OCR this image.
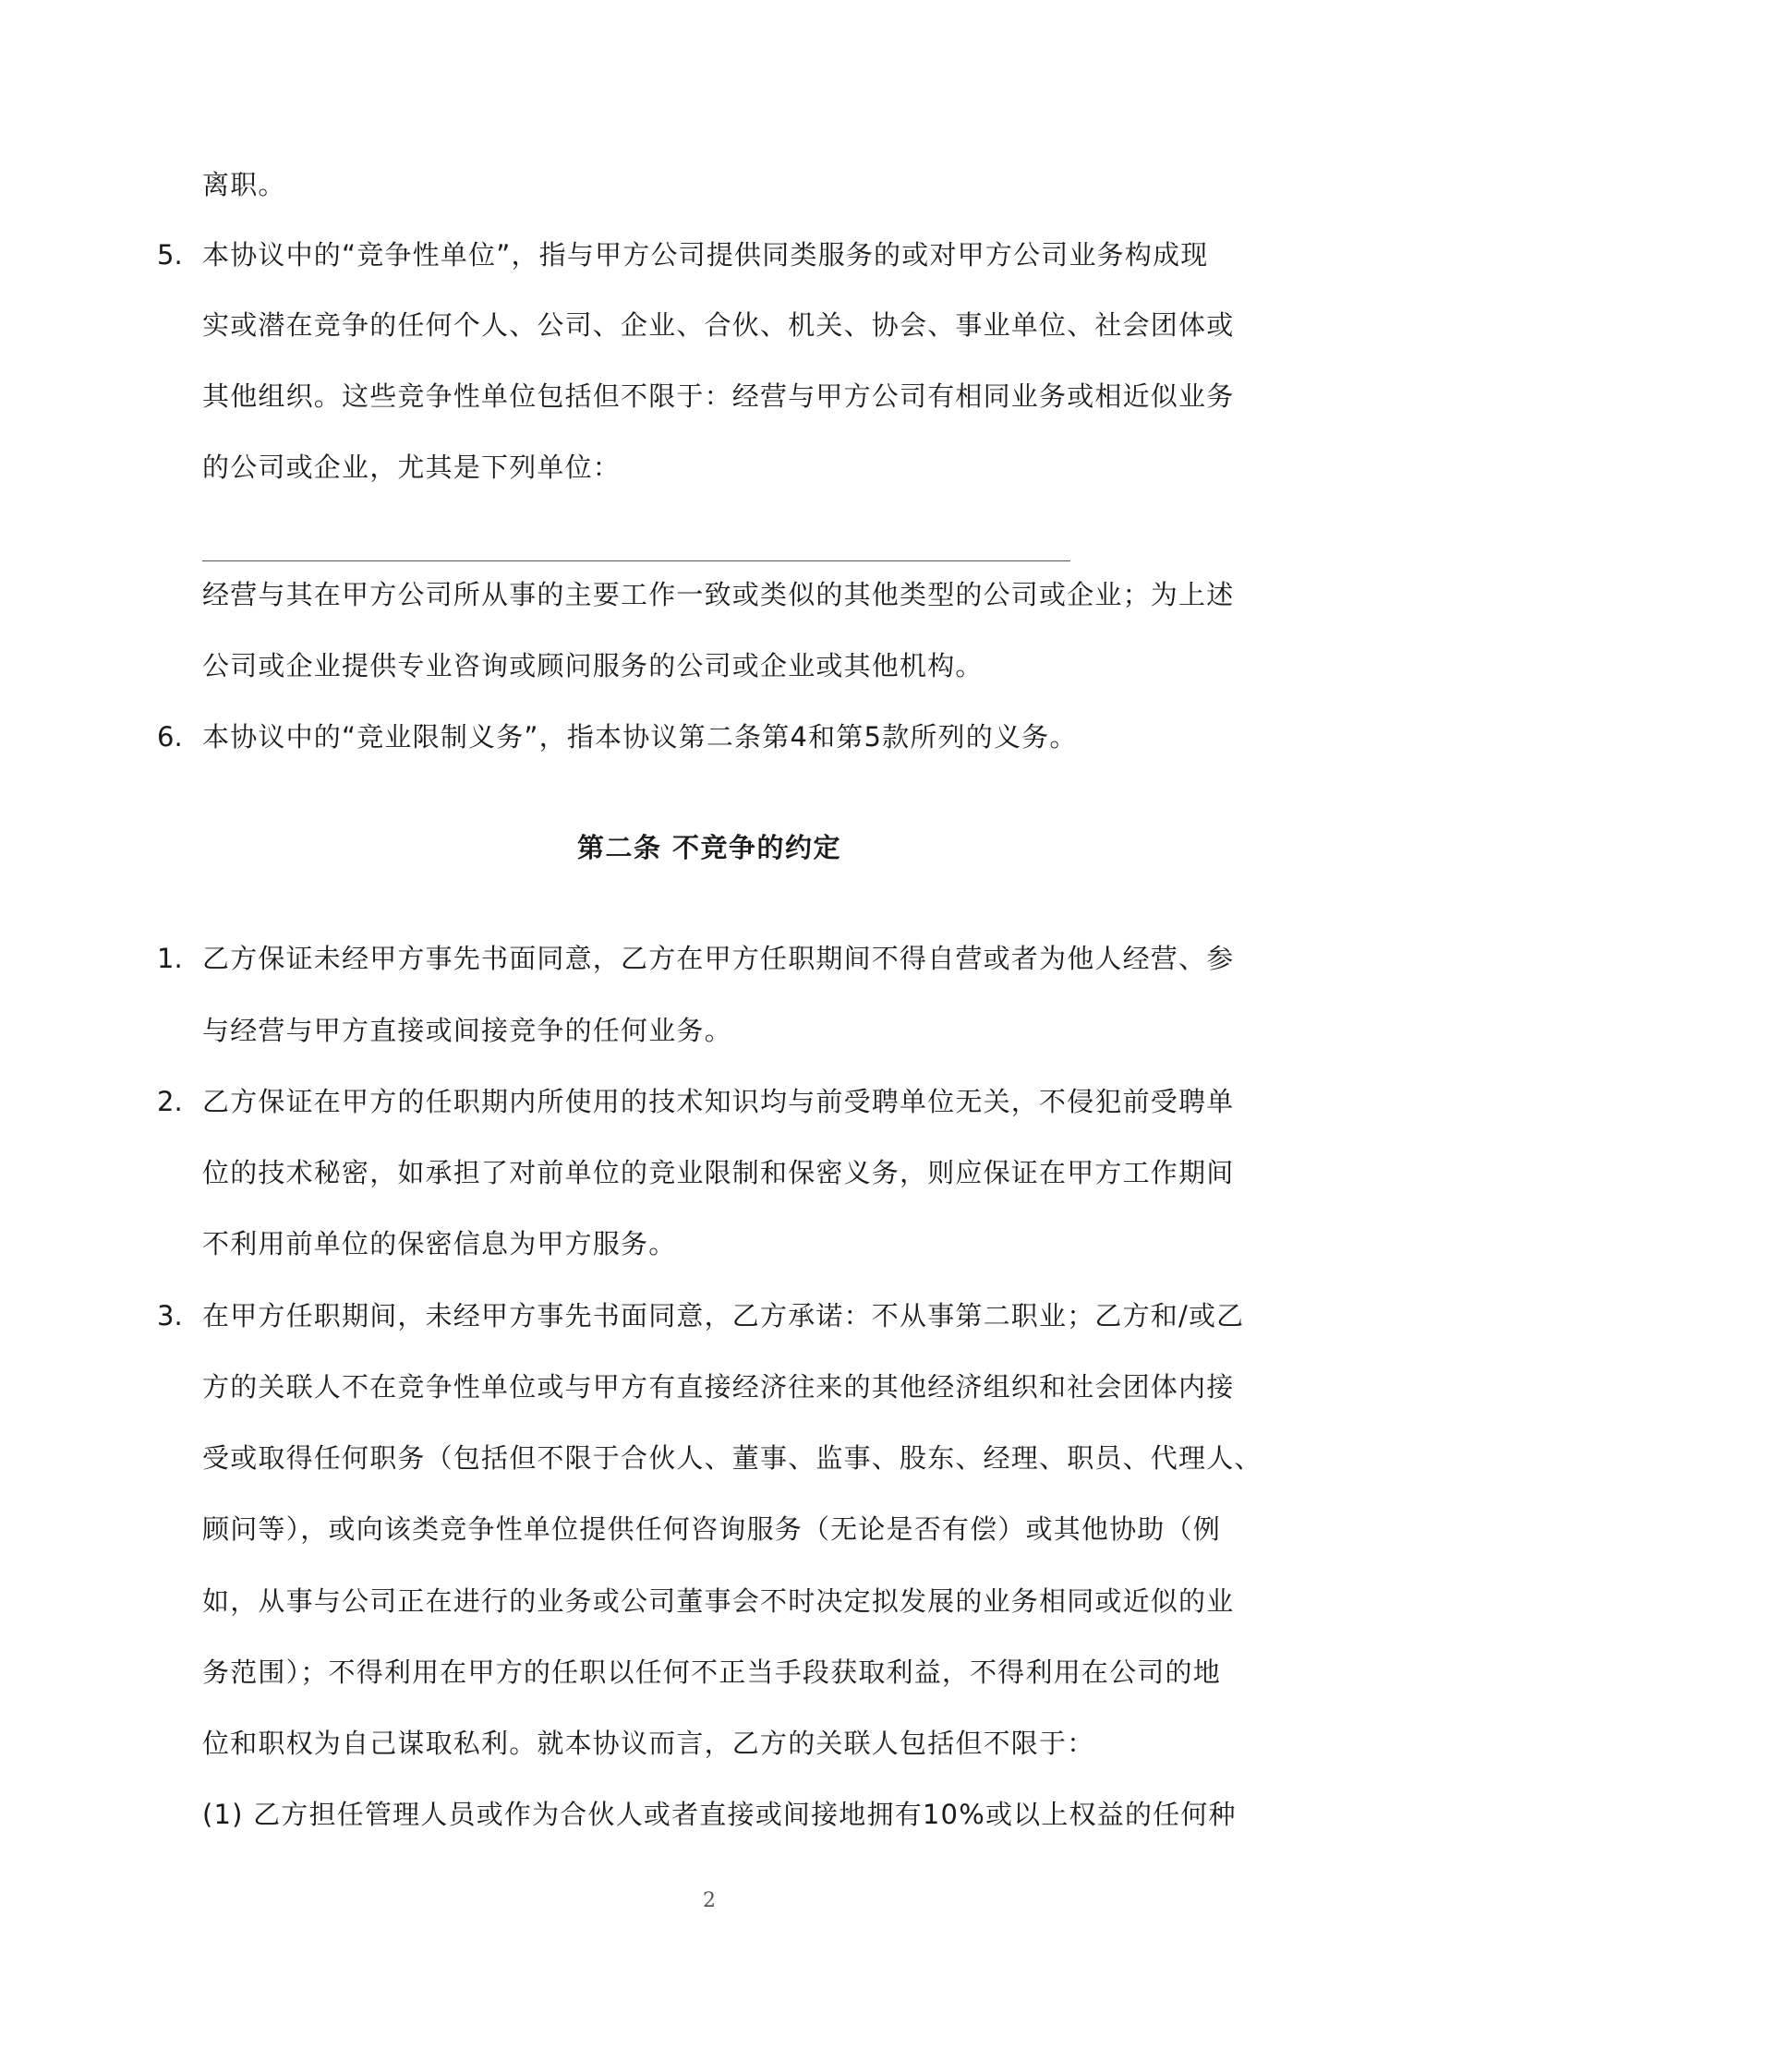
离职。
5. 本协议中的“竞争性单位”，指与甲方公司提供同类服务的或对甲方公司业务构成现
实或潜在竞争的任何个人、公司、企业、合伙、机关、协会、事业单位、社会团体或
其他组织。这些竞争性单位包括但不限于：经营与甲方公司有相同业务或相近似业务
的公司或企业，尤其是下列单位：
经营与其在甲方公司所从事的主要工作一致或类似的其他类型的公司或企业；为上述
公司或企业提供专业咨询或顾问服务的公司或企业或其他机构。
6. 本协议中的“竞业限制义务”，指本协议第二条第4和第5款所列的义务。
第二条 不竞争的约定
1. 乙方保证未经甲方事先书面同意，乙方在甲方任职期间不得自营或者为他人经营、参
与经营与甲方直接或间接竞争的任何业务。
2. 乙方保证在甲方的任职期内所使用的技术知识均与前受聘单位无关，不侵犯前受聘单
位的技术秘密，如承担了对前单位的竞业限制和保密义务，则应保证在甲方工作期间
不利用前单位的保密信息为甲方服务。
3. 在甲方任职期间，未经甲方事先书面同意，乙方承诺：不从事第二职业；乙方和/或乙
方的关联人不在竞争性单位或与甲方有直接经济往来的其他经济组织和社会团体内接
受或取得任何职务（包括但不限于合伙人、董事、监事、股东、经理、职员、代理人、
顾问等），或向该类竞争性单位提供任何咨询服务（无论是否有偿）或其他协助（例
如，从事与公司正在进行的业务或公司董事会不时决定拟发展的业务相同或近似的业
务范围）；不得利用在甲方的任职以任何不正当手段获取利益，不得利用在公司的地
位和职权为自己谋取私利。就本协议而言，乙方的关联人包括但不限于：
(1) 乙方担任管理人员或作为合伙人或者直接或间接地拥有10%或以上权益的任何种
2
